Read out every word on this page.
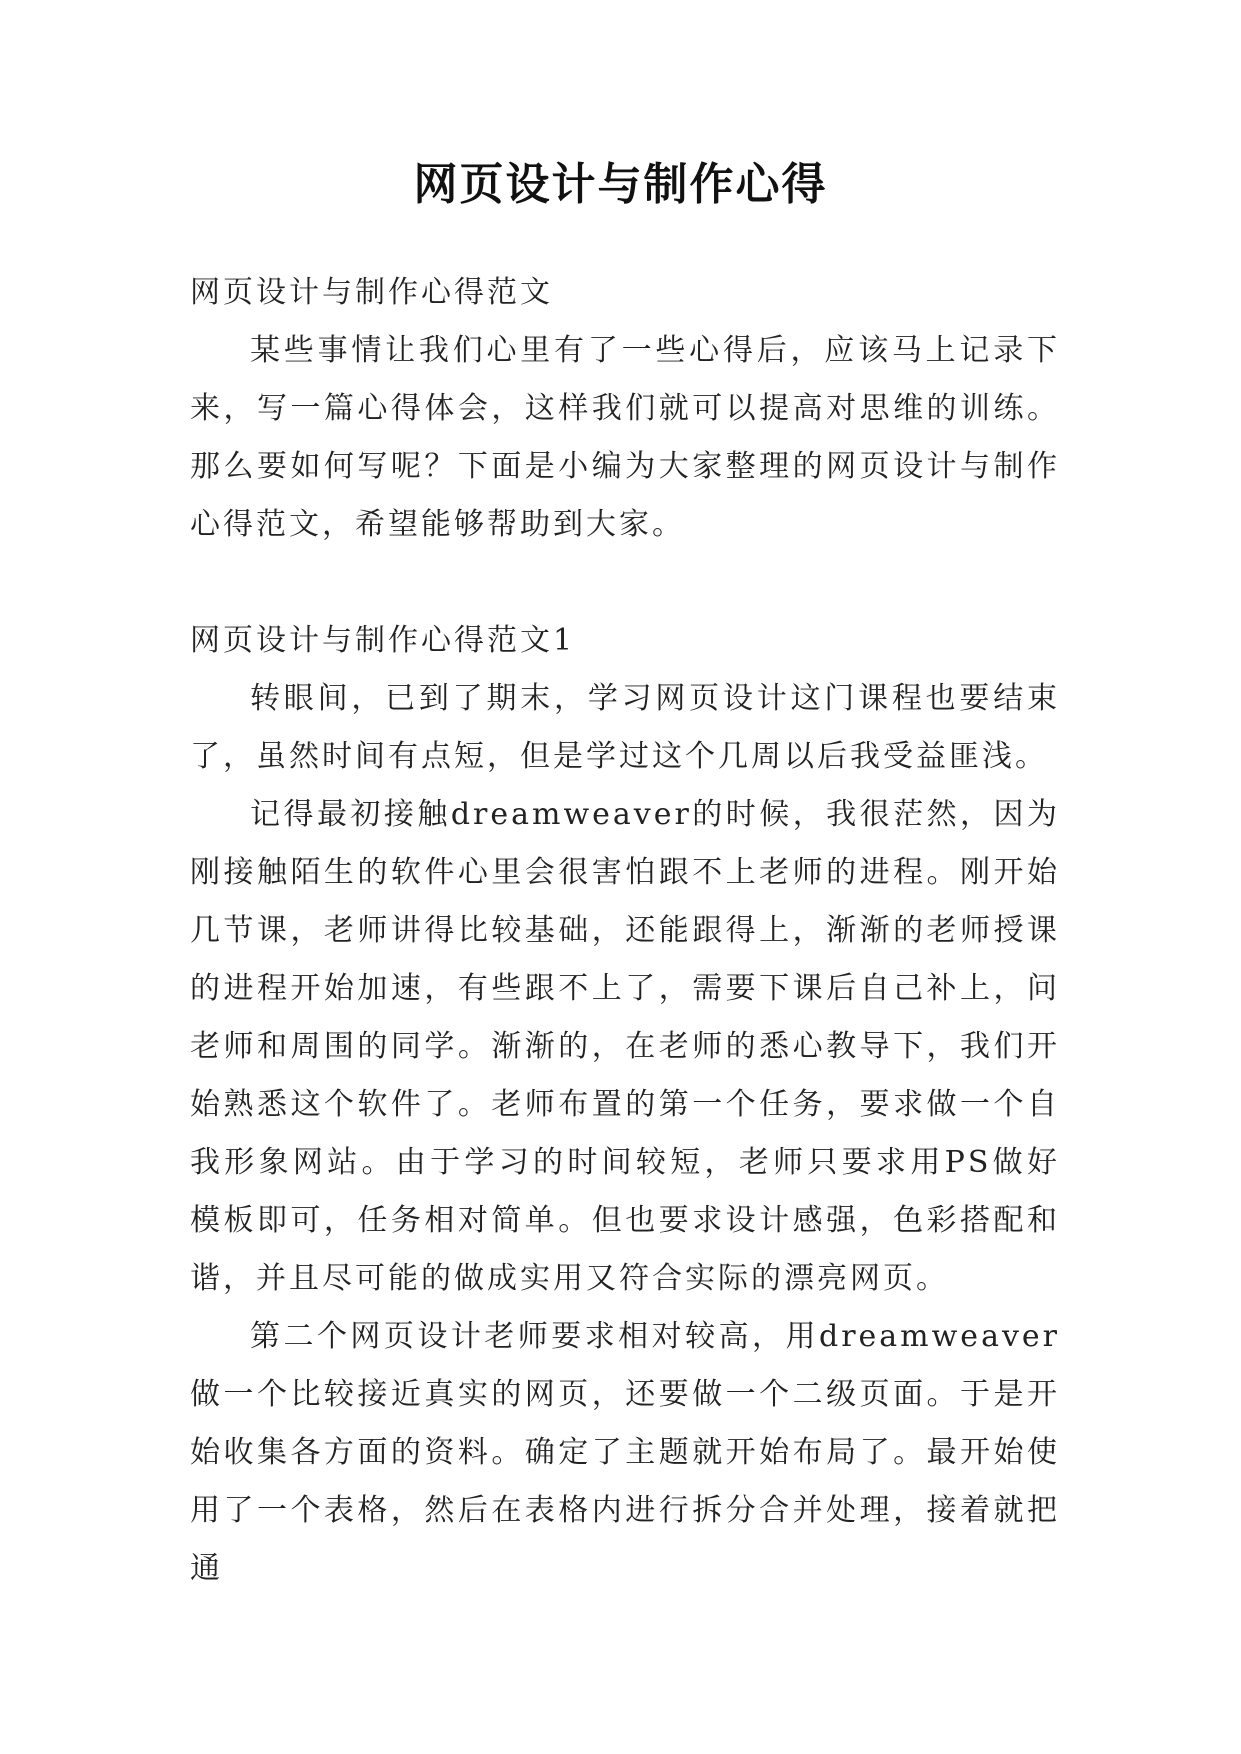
网页设计与制作心得

网页设计与制作心得范文

某些事情让我们心里有了一些心得后，应该马上记录下来，写一篇心得体会，这样我们就可以提高对思维的训练。那么要如何写呢？下面是小编为大家整理的网页设计与制作心得范文，希望能够帮助到大家。

网页设计与制作心得范文1

转眼间，已到了期末，学习网页设计这门课程也要结束了，虽然时间有点短，但是学过这个几周以后我受益匪浅。

记得最初接触dreamweaver的时候，我很茫然，因为刚接触陌生的软件心里会很害怕跟不上老师的进程。刚开始几节课，老师讲得比较基础，还能跟得上，渐渐的老师授课的进程开始加速，有些跟不上了，需要下课后自己补上，问老师和周围的同学。渐渐的，在老师的悉心教导下，我们开始熟悉这个软件了。老师布置的第一个任务，要求做一个自我形象网站。由于学习的时间较短，老师只要求用PS做好模板即可，任务相对简单。但也要求设计感强，色彩搭配和谐，并且尽可能的做成实用又符合实际的漂亮网页。

第二个网页设计老师要求相对较高，用dreamweaver做一个比较接近真实的网页，还要做一个二级页面。于是开始收集各方面的资料。确定了主题就开始布局了。最开始使用了一个表格，然后在表格内进行拆分合并处理，接着就把通
